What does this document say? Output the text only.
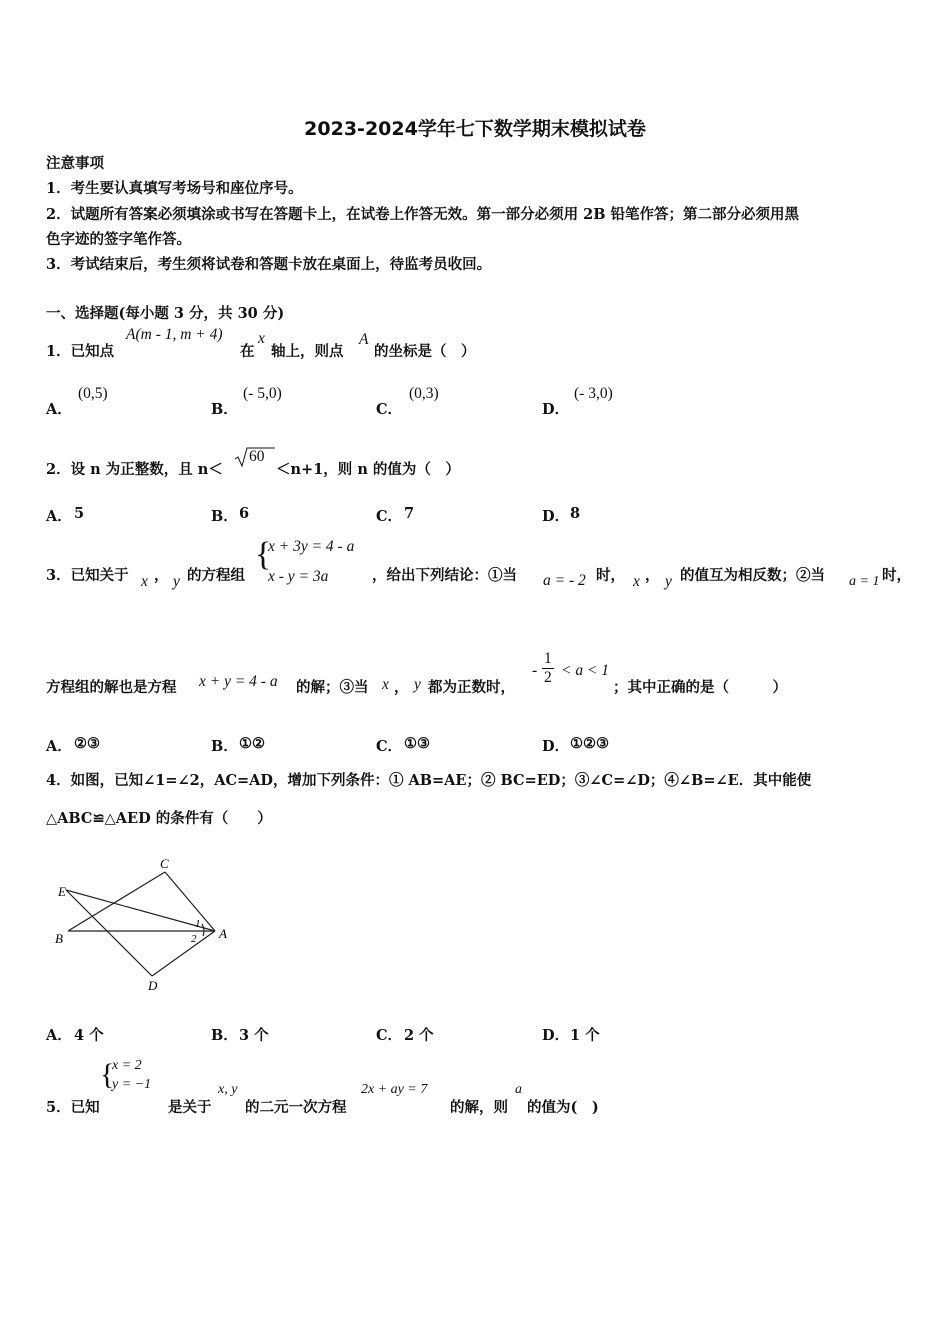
2023-2024学年七下数学期末模拟试卷
注意事项
1．考生要认真填写考场号和座位序号。
2．试题所有答案必须填涂或书写在答题卡上，在试卷上作答无效。第一部分必须用 2B 铅笔作答；第二部分必须用黑
色字迹的签字笔作答。
3．考试结束后，考生须将试卷和答题卡放在桌面上，待监考员收回。
一、选择题(每小题 3 分，共 30 分)
1．已知点
A(m - 1, m + 4)
在
x
轴上，则点
A
的坐标是（　）
A．
(0,5)
B．
(- 5,0)
C．
(0,3)
D．
(- 3,0)
2．设 n 为正整数，且 n＜
60
＜n+1，则 n 的值为（　）
A． 5	B． 6	C． 7	D． 8
3．已知关于 x ， y 的方程组
{
x + 3y = 4 - a
x - y = 3a	，给出下列结论：①当 a = - 2 时， x ， y 的值互为相反数；②当 a = 1 时，
方程组的解也是方程 x + y = 4 - a 的解；③当 x ， y 都为正数时，
- $\frac{1}{2} < a < 1$
；其中正确的是（　　　）
A． ②③	B． ①②	C． ①③	D． ①②③
4．如图，已知∠1=∠2，AC=AD，增加下列条件：① AB=AE；② BC=ED；③∠C=∠D；④∠B=∠E．其中能使
△ABC≌△AED 的条件有（　　）
C
E
B	A
D
1
2
A． 4 个	B． 3 个	C． 2 个	D． 1 个
5．已知
{
x = 2
y = −1
是关于
x, y
的二元一次方程
2x + ay = 7
的解，则
a
的值为(　)
